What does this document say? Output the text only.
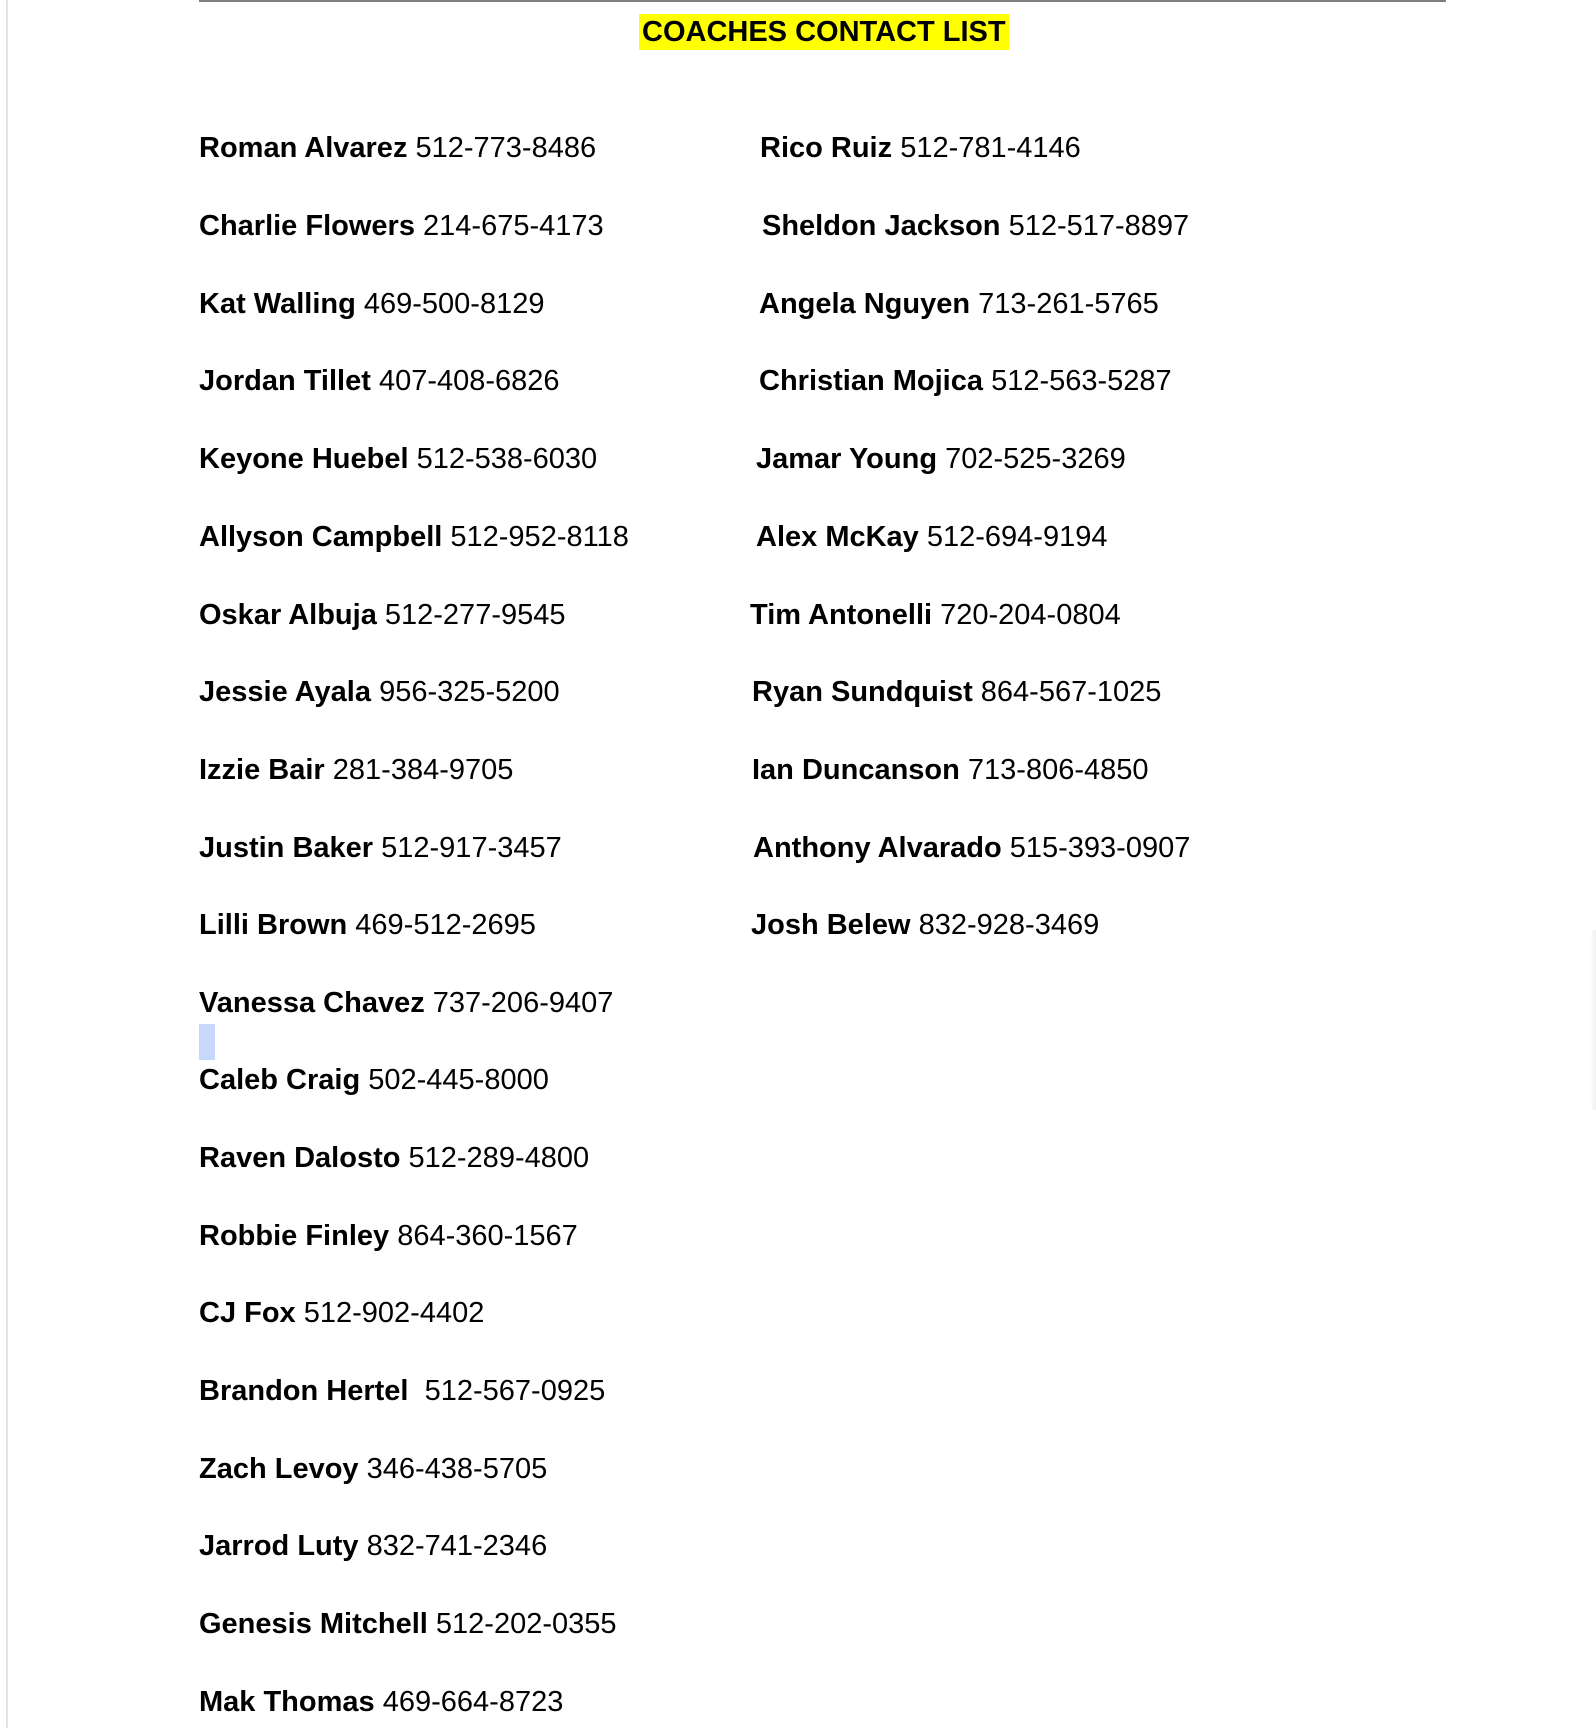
COACHES CONTACT LIST
Roman Alvarez 512-773-8486
Charlie Flowers 214-675-4173
Kat Walling 469-500-8129
Jordan Tillet 407-408-6826
Keyone Huebel 512-538-6030
Allyson Campbell 512-952-8118
Oskar Albuja 512-277-9545
Jessie Ayala 956-325-5200
Izzie Bair 281-384-9705
Justin Baker 512-917-3457
Lilli Brown 469-512-2695
Vanessa Chavez 737-206-9407
Caleb Craig 502-445-8000
Raven Dalosto 512-289-4800
Robbie Finley 864-360-1567
CJ Fox 512-902-4402
Brandon Hertel  512-567-0925
Zach Levoy 346-438-5705
Jarrod Luty 832-741-2346
Genesis Mitchell 512-202-0355
Mak Thomas 469-664-8723
Rico Ruiz 512-781-4146
Sheldon Jackson 512-517-8897
Angela Nguyen 713-261-5765
Christian Mojica 512-563-5287
Jamar Young 702-525-3269
Alex McKay 512-694-9194
Tim Antonelli 720-204-0804
Ryan Sundquist 864-567-1025
Ian Duncanson 713-806-4850
Anthony Alvarado 515-393-0907
Josh Belew 832-928-3469
